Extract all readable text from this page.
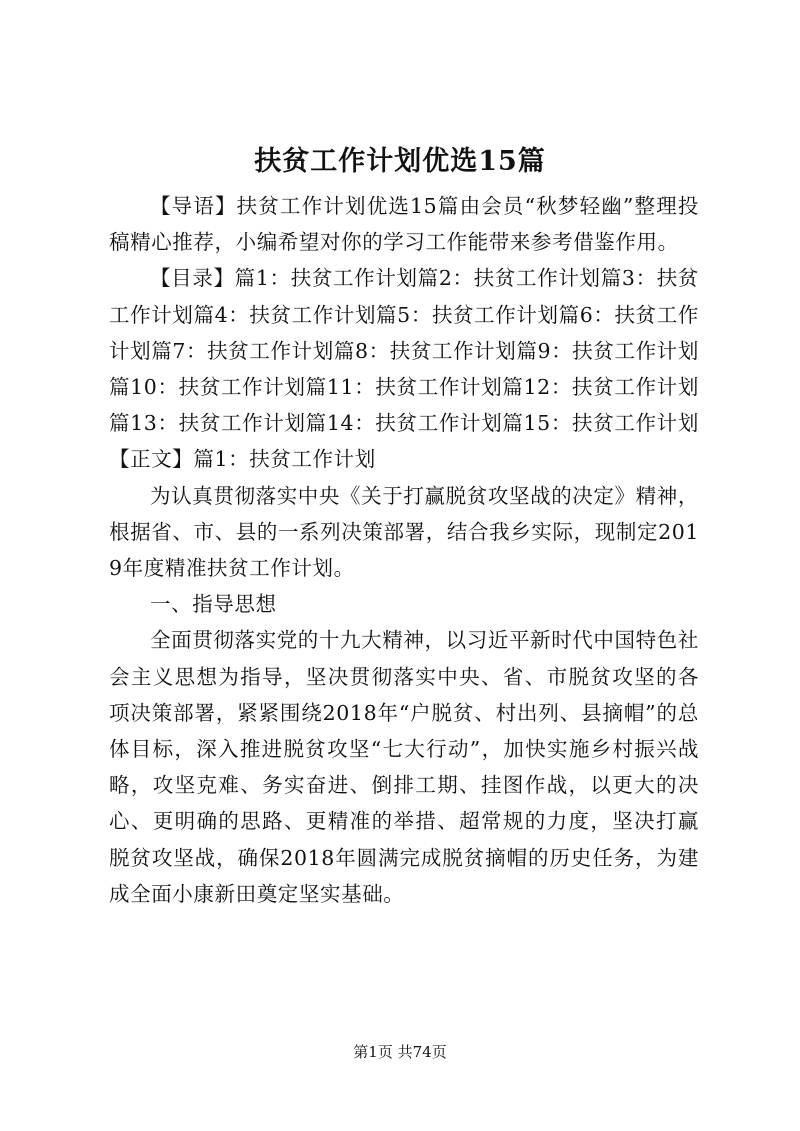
扶贫工作计划优选15篇

【导语】扶贫工作计划优选15篇由会员“秋梦轻幽”整理投稿精心推荐，小编希望对你的学习工作能带来参考借鉴作用。

【目录】篇1：扶贫工作计划篇2：扶贫工作计划篇3：扶贫工作计划篇4：扶贫工作计划篇5：扶贫工作计划篇6：扶贫工作计划篇7：扶贫工作计划篇8：扶贫工作计划篇9：扶贫工作计划篇10：扶贫工作计划篇11：扶贫工作计划篇12：扶贫工作计划篇13：扶贫工作计划篇14：扶贫工作计划篇15：扶贫工作计划【正文】篇1：扶贫工作计划

为认真贯彻落实中央《关于打赢脱贫攻坚战的决定》精神，根据省、市、县的一系列决策部署，结合我乡实际，现制定2019年度精准扶贫工作计划。

一、指导思想

全面贯彻落实党的十九大精神，以习近平新时代中国特色社会主义思想为指导，坚决贯彻落实中央、省、市脱贫攻坚的各项决策部署，紧紧围绕2018年“户脱贫、村出列、县摘帽”的总体目标，深入推进脱贫攻坚“七大行动”，加快实施乡村振兴战略，攻坚克难、务实奋进、倒排工期、挂图作战，以更大的决心、更明确的思路、更精准的举措、超常规的力度，坚决打赢脱贫攻坚战，确保2018年圆满完成脱贫摘帽的历史任务，为建成全面小康新田奠定坚实基础。

第1页 共74页
